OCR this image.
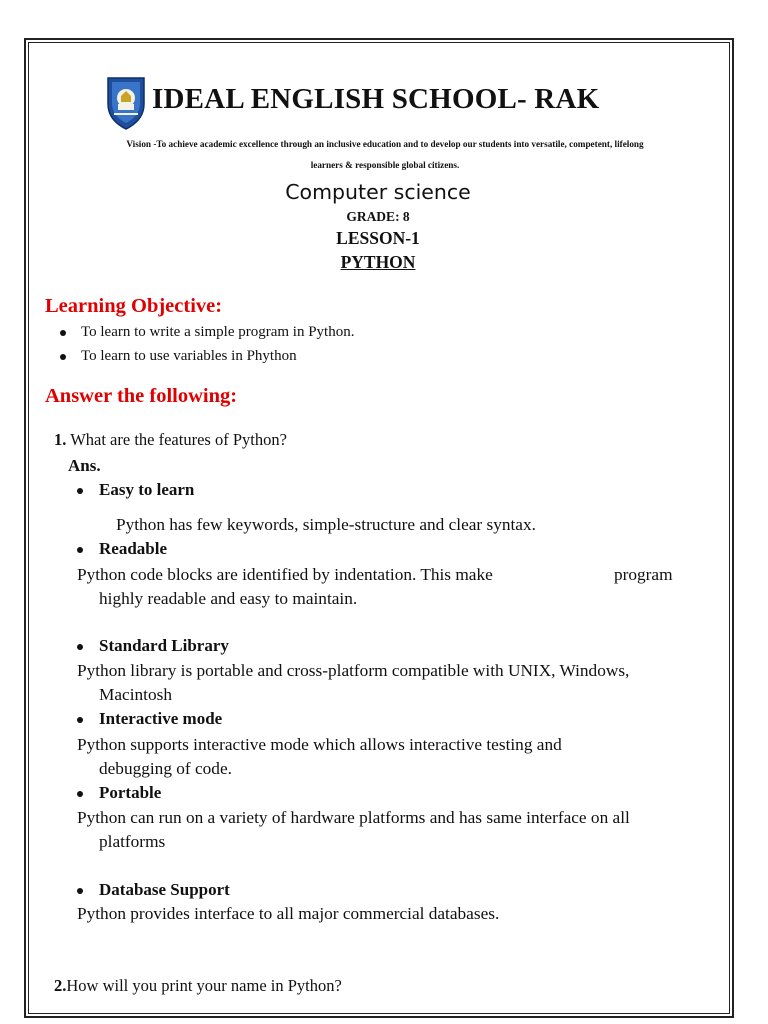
IDEAL ENGLISH SCHOOL- RAK
Vision -To achieve academic excellence through an inclusive education and to develop our students into versatile, competent, lifelong
learners & responsible global citizens.
Computer science
GRADE: 8
LESSON-1
PYTHON
Learning Objective:
To learn to write a simple program in Python.
To learn to use variables in Phython
Answer the following:
1. What are the features of Python?
Ans.
Easy to learn
Python has few keywords, simple-structure and clear syntax.
Readable
Python code blocks are identified by indentation. This make	program
highly readable and easy to maintain.
Standard Library
Python library is portable and cross-platform compatible with UNIX, Windows,
Macintosh
Interactive mode
Python supports interactive mode which allows interactive testing and
debugging of code.
Portable
Python can run on a variety of hardware platforms and has same interface on all
platforms
Database Support
Python provides interface to all major commercial databases.
2.How will you print your name in Python?
